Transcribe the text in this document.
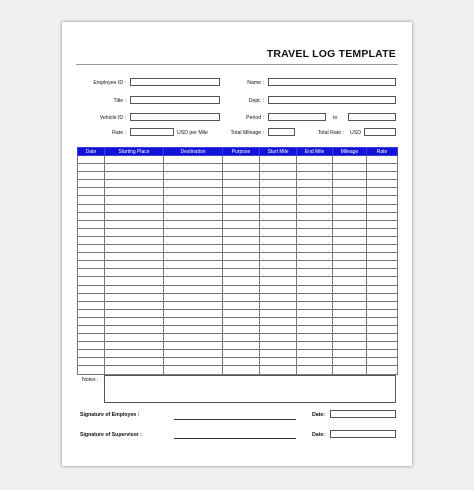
TRAVEL LOG TEMPLATE
Employee ID :	Name :
Title :	Dept. :
Vehicle ID :	Period :	to
Rate :	USD per Mile	Total Mileage :	Total Rate : USD
Date	Starting Place	Destination	Purpose	Start Mile	End Mile	Mileage	Rate

Notes :
Signature of Employee :	Date:
Signature of Supervisor :	Date:
